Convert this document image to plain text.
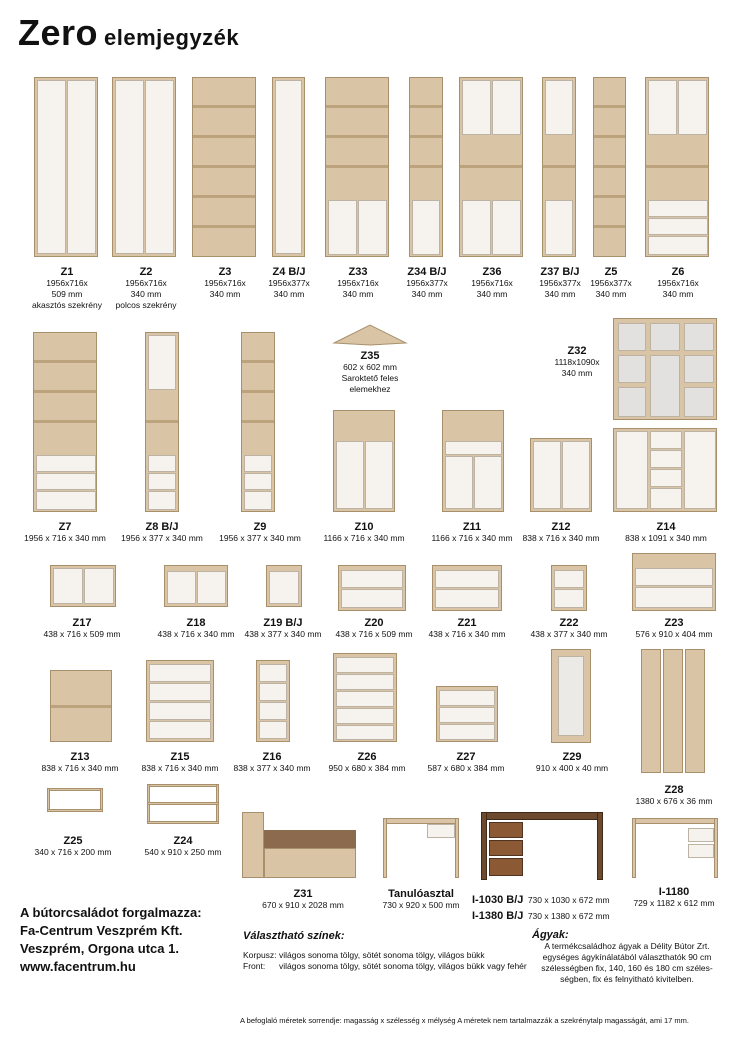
Zero elemjegyzék
Z1
1956x716x
509 mm
akasztós szekrény
Z2
1956x716x
340 mm
polcos szekrény
Z3
1956x716x
340 mm
Z4 B/J
1956x377x
340 mm
Z33
1956x716x
340 mm
Z34 B/J
1956x377x
340 mm
Z36
1956x716x
340 mm
Z37 B/J
1956x377x
340 mm
Z5
1956x377x
340 mm
Z6
1956x716x
340 mm
Z35
602 x 602 mm
Saroktető feles
elemekhez
Z32
1118x1090x
340 mm
Z7
1956 x 716 x 340 mm
Z8 B/J
1956 x 377 x 340 mm
Z9
1956 x 377 x 340 mm
Z10
1166 x 716 x 340 mm
Z11
1166 x 716 x 340 mm
Z12
838 x 716 x 340 mm
Z14
838 x 1091 x 340 mm
Z17
438 x 716 x 509 mm
Z18
438 x 716 x 340 mm
Z19 B/J
438 x 377 x 340 mm
Z20
438 x 716 x 509 mm
Z21
438 x 716 x 340 mm
Z22
438 x 377 x 340 mm
Z23
576 x 910 x 404 mm
Z13
838 x 716 x 340 mm
Z15
838 x 716 x 340 mm
Z16
838 x 377 x 340 mm
Z26
950 x 680 x 384 mm
Z27
587 x 680 x 384 mm
Z29
910 x 400 x 40 mm
Z28
1380 x 676 x 36 mm
Z25
340 x 716 x 200 mm
Z24
540 x 910 x 250 mm
Z31
670 x 910 x 2028 mm
Tanulóasztal
730 x 920 x 500 mm	I-1030 B/J 730 x 1030 x 672 mm
I-1380 B/J 730 x 1380 x 672 mm
I-1180
729 x 1182 x 612 mm
A bútorcsaládot forgalmazza:
Fa-Centrum Veszprém Kft.
Veszprém, Orgona utca 1.
www.facentrum.hu
Választható színek:
Korpusz: világos sonoma tölgy, sötét sonoma tölgy, világos bükk
Front:	világos sonoma tölgy, sötét sonoma tölgy, világos bükk vagy fehér
Ágyak:
A termékcsaládhoz ágyak a Délity Bútor Zrt. egységes ágykínálatából választhatók 90 cm szélességben fix, 140, 160 és 180 cm széles-ségben, fix és felnyitható kivitelben.
A befoglaló méretek sorrendje: magasság x szélesség x mélység A méretek nem tartalmazzák a szekrénytalp magasságát, ami 17 mm.
